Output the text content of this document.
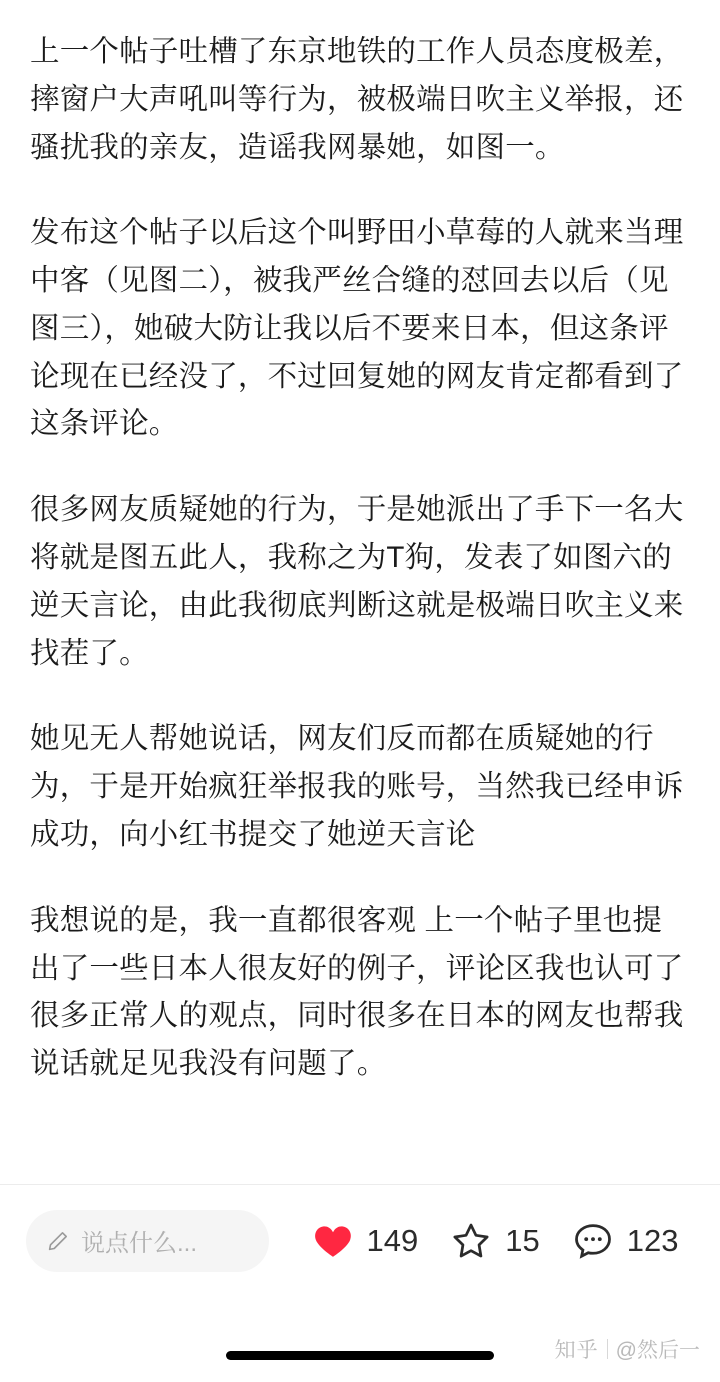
上一个帖子吐槽了东京地铁的工作人员态度极差，摔窗户大声吼叫等行为，被极端日吹主义举报，还骚扰我的亲友，造谣我网暴她，如图一。

发布这个帖子以后这个叫野田小草莓的人就来当理中客（见图二），被我严丝合缝的怼回去以后（见图三），她破大防让我以后不要来日本，但这条评论现在已经没了，不过回复她的网友肯定都看到了这条评论。

很多网友质疑她的行为，于是她派出了手下一名大将就是图五此人，我称之为T狗，发表了如图六的逆天言论，由此我彻底判断这就是极端日吹主义来找茬了。

她见无人帮她说话，网友们反而都在质疑她的行为，于是开始疯狂举报我的账号，当然我已经申诉成功，向小红书提交了她逆天言论

我想说的是，我一直都很客观 上一个帖子里也提出了一些日本人很友好的例子，评论区我也认可了很多正常人的观点，同时很多在日本的网友也帮我说话就足见我没有问题了。

说点什么...	149	15	123
知乎 @然后一
